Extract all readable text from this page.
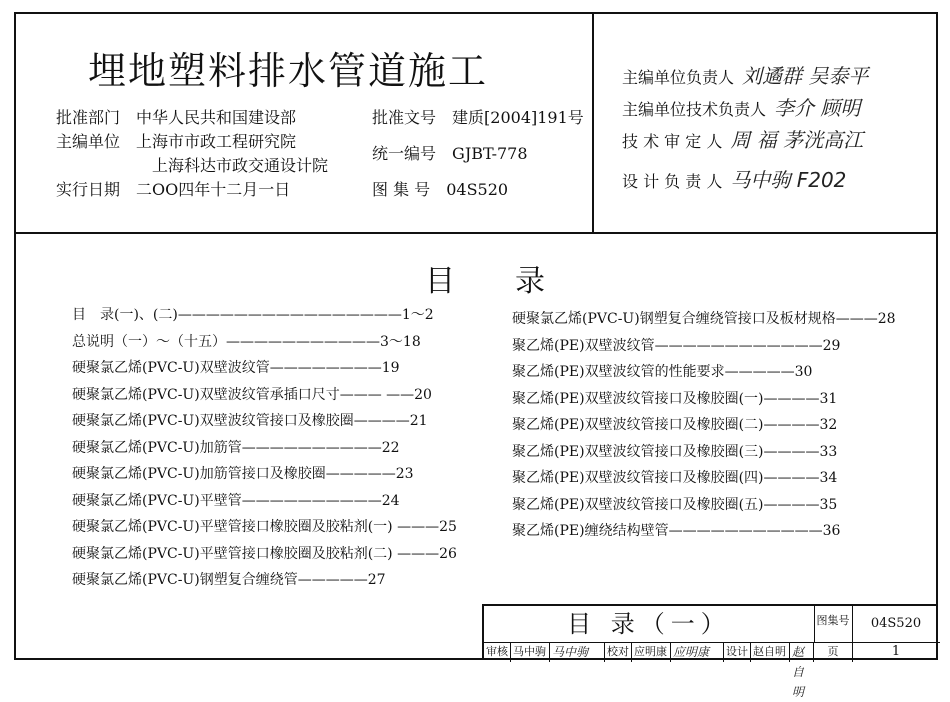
埋地塑料排水管道施工
批准部门　 中华人民共和国建设部
主编单位　 上海市市政工程研究院
上海科达市政交通设计院
实行日期　 二OO四年十二月一日
批准文号　 建质[2004]191号
统一编号　 GJBT-778
图 集 号　 04S520
主编单位负责人 刘遹群 吴泰平
主编单位技术负责人 李介 顾明
技 术 审 定 人 周 福 茅洸高江
设 计 负 责 人 马中驹 F202
目录
目　录(一)、(二)————————————————1～2
总说明（一）～（十五）———————————3～18
硬聚氯乙烯(PVC-U)双壁波纹管————————19
硬聚氯乙烯(PVC-U)双壁波纹管承插口尺寸——— ——20
硬聚氯乙烯(PVC-U)双壁波纹管接口及橡胶圈————21
硬聚氯乙烯(PVC-U)加筋管——————————22
硬聚氯乙烯(PVC-U)加筋管接口及橡胶圈—————23
硬聚氯乙烯(PVC-U)平壁管——————————24
硬聚氯乙烯(PVC-U)平壁管接口橡胶圈及胶粘剂(一) ———25
硬聚氯乙烯(PVC-U)平壁管接口橡胶圈及胶粘剂(二) ———26
硬聚氯乙烯(PVC-U)钢塑复合缠绕管—————27
硬聚氯乙烯(PVC-U)钢塑复合缠绕管接口及板材规格———28
聚乙烯(PE)双壁波纹管————————————29
聚乙烯(PE)双壁波纹管的性能要求—————30
聚乙烯(PE)双壁波纹管接口及橡胶圈(一)————31
聚乙烯(PE)双壁波纹管接口及橡胶圈(二)————32
聚乙烯(PE)双壁波纹管接口及橡胶圈(三)————33
聚乙烯(PE)双壁波纹管接口及橡胶圈(四)————34
聚乙烯(PE)双壁波纹管接口及橡胶圈(五)————35
聚乙烯(PE)缠绕结构壁管———————————36
目 录（一）	图集号	04S520
页	1
审核 马中驹 马中驹	校对 应明康 应明康	设计 赵自明 赵自明
